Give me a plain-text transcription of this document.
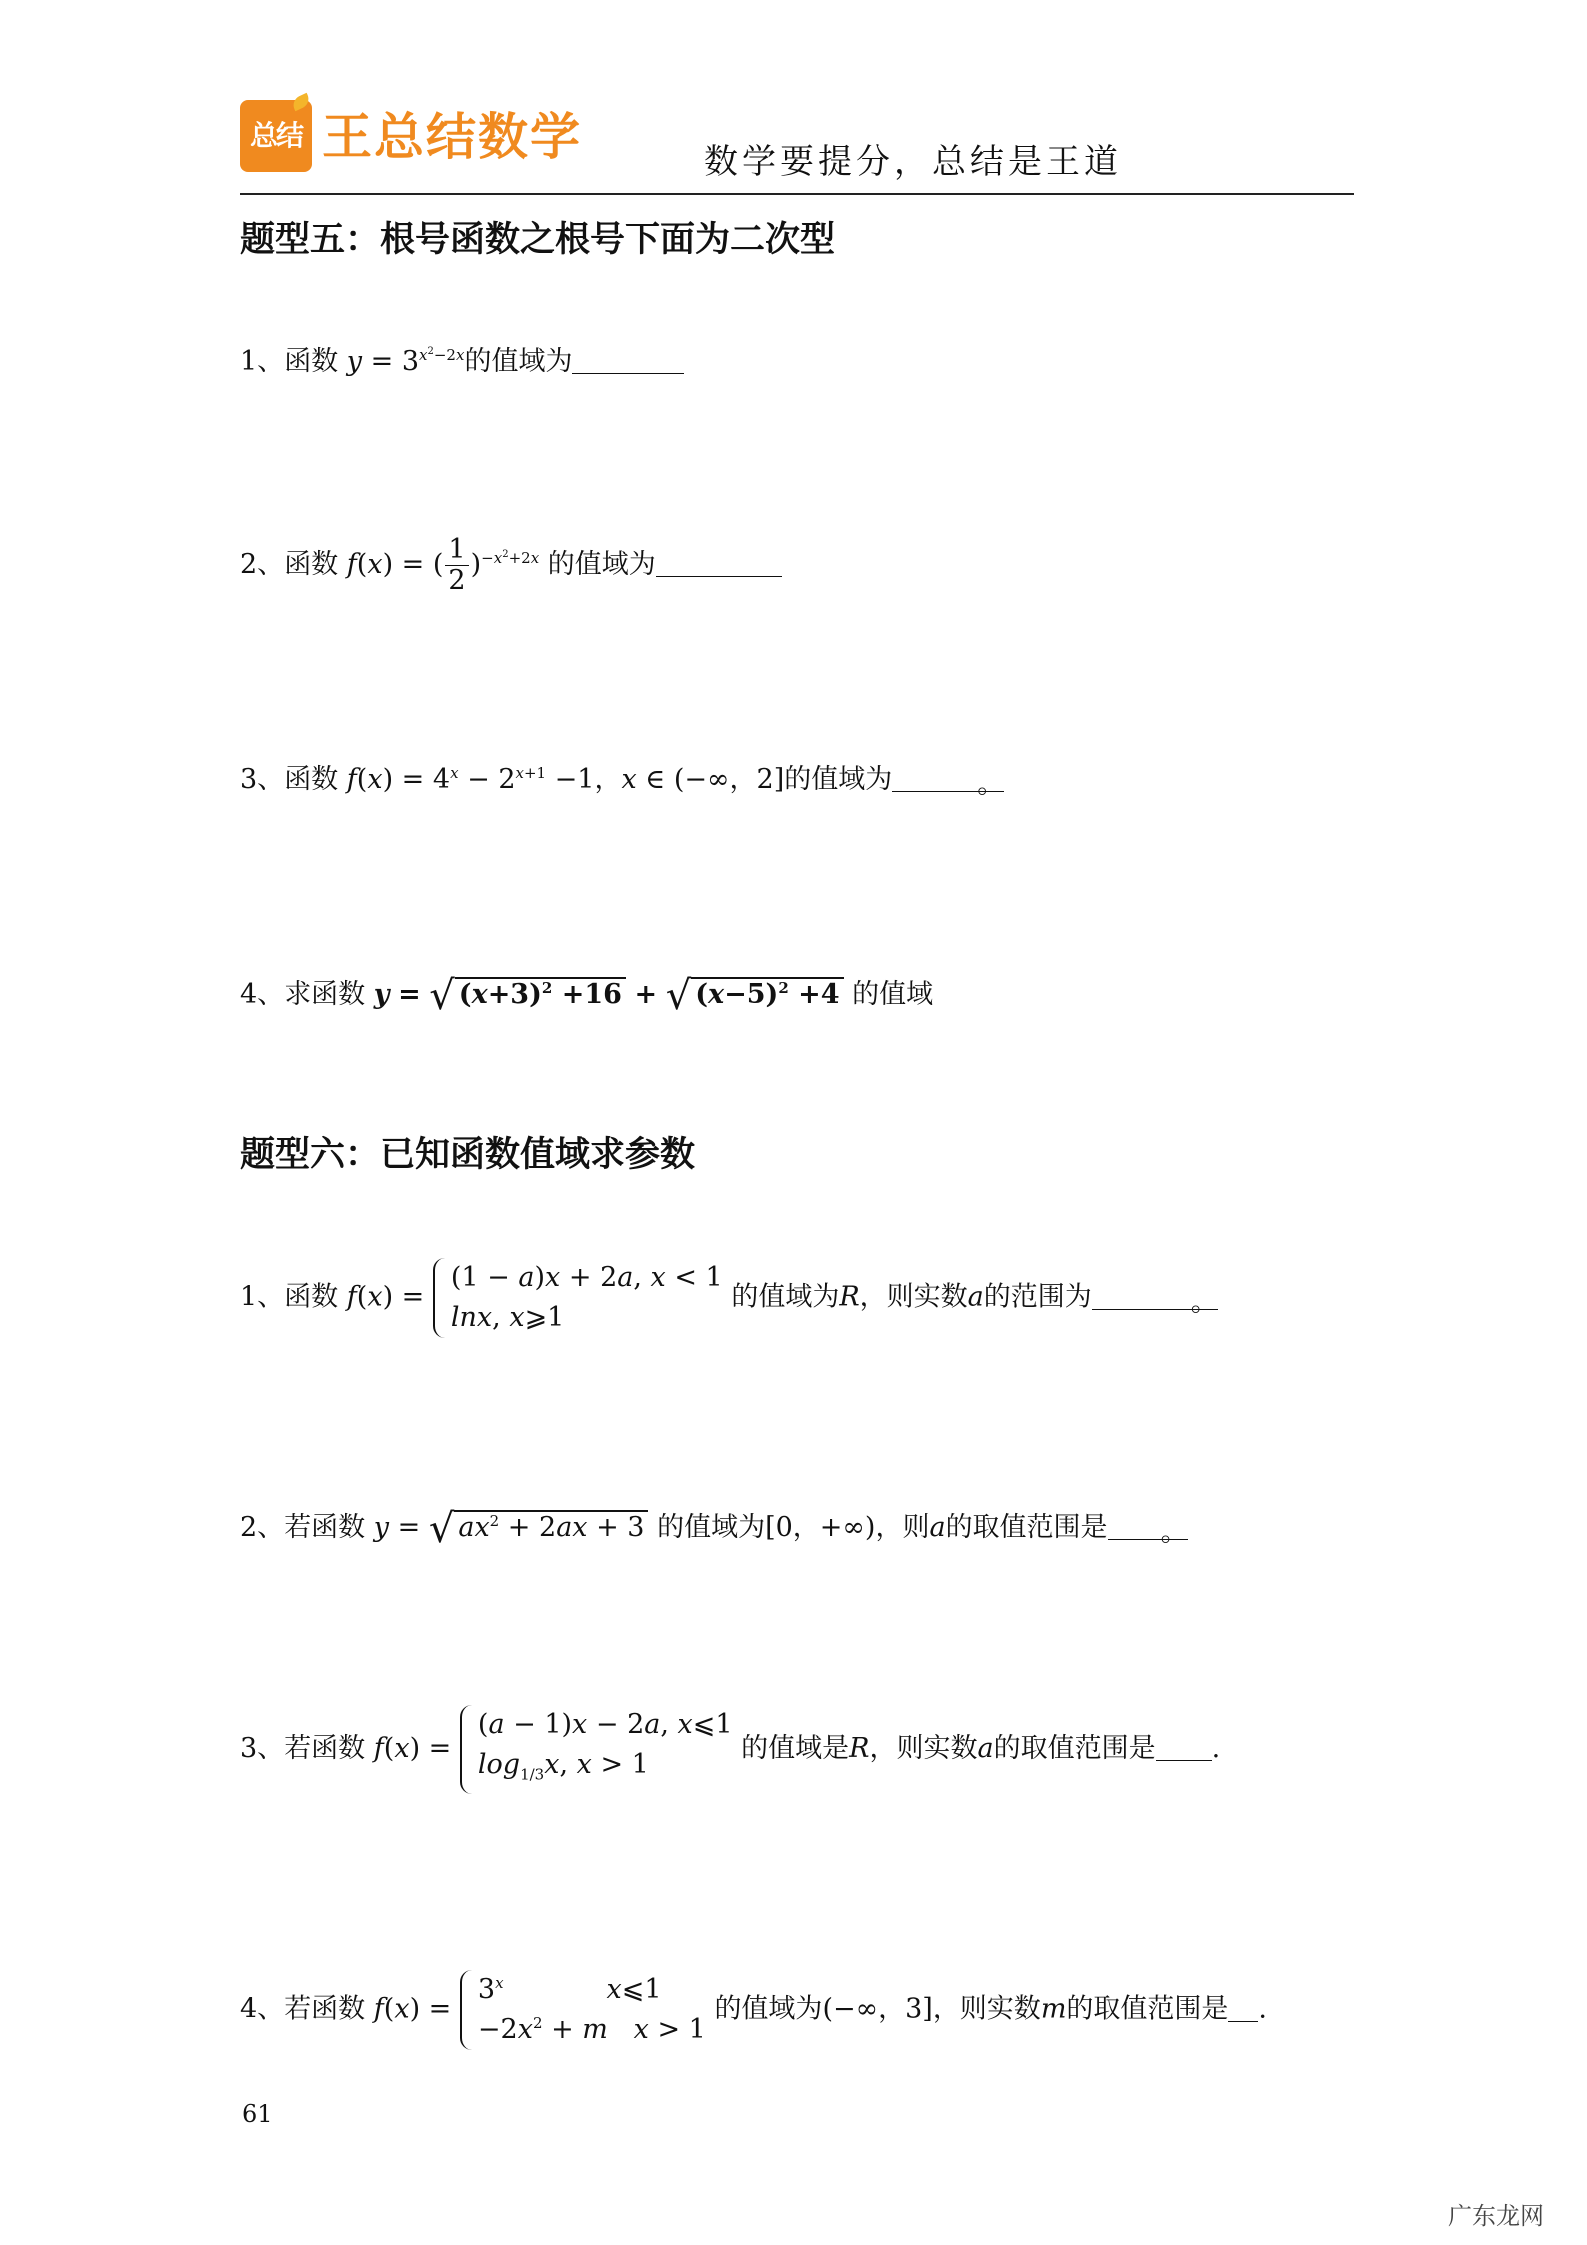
总结 王总结数学	数学要提分，总结是王道
题型五：根号函数之根号下面为二次型
1、函数 $y = 3^{x^2-2x}$的值域为
2、函数 f(x) = ( $\frac{1}{2} )^{-x^2+2x}$ 的值域为
3、函数 $f(x) = 4^x - 2^{x+1} -1$，x ∈ (−∞，2]的值域为	。
4、求函数 y = √ $(x+3)^2 +16$ + √ $(x-5)^2 +4$ 的值域
题型六：已知函数值域求参数
1、函数 f(x) =
(1 − a)x + 2a, x < 1
lnx, x⩾1
的值域为R，则实数a的范围为	。
2、若函数 y = √ $ax^2 + 2ax + 3$ 的值域为[0，+∞)，则a的取值范围是 。
3、若函数 f(x) =
(a − 1)x − 2a, x⩽1
$\log_{1/3}x$, x > 1
的值域是R，则实数a的取值范围是 .
4、若函数 f(x) =
3$^x$	x⩽1
$-2x^2 + m$ x > 1
的值域为(−∞，3]，则实数m的取值范围是 .
61
广东龙网
